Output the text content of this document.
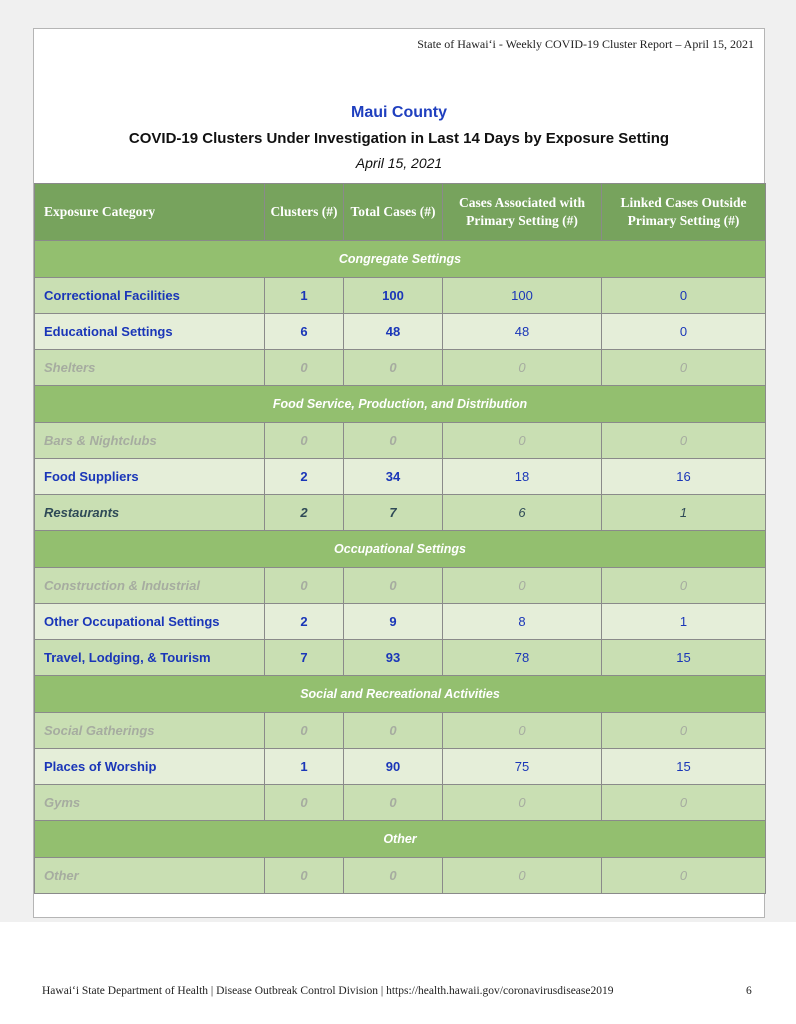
State of Hawai‘i - Weekly COVID-19 Cluster Report – April 15, 2021
Maui County
COVID-19 Clusters Under Investigation in Last 14 Days by Exposure Setting
April 15, 2021
Exposure Category	Clusters (#)	Total Cases (#)	Cases Associated with Primary Setting (#)	Linked Cases Outside Primary Setting (#)
Congregate Settings				
Correctional Facilities	1	100	100	0
Educational Settings	6	48	48	0
Shelters	0	0	0	0
Food Service, Production, and Distribution				
Bars & Nightclubs	0	0	0	0
Food Suppliers	2	34	18	16
Restaurants	2	7	6	1
Occupational Settings				
Construction & Industrial	0	0	0	0
Other Occupational Settings	2	9	8	1
Travel, Lodging, & Tourism	7	93	78	15
Social and Recreational Activities				
Social Gatherings	0	0	0	0
Places of Worship	1	90	75	15
Gyms	0	0	0	0
Other				
Other	0	0	0	0
Hawai‘i State Department of Health | Disease Outbreak Control Division | https://health.hawaii.gov/coronavirusdisease2019	6
